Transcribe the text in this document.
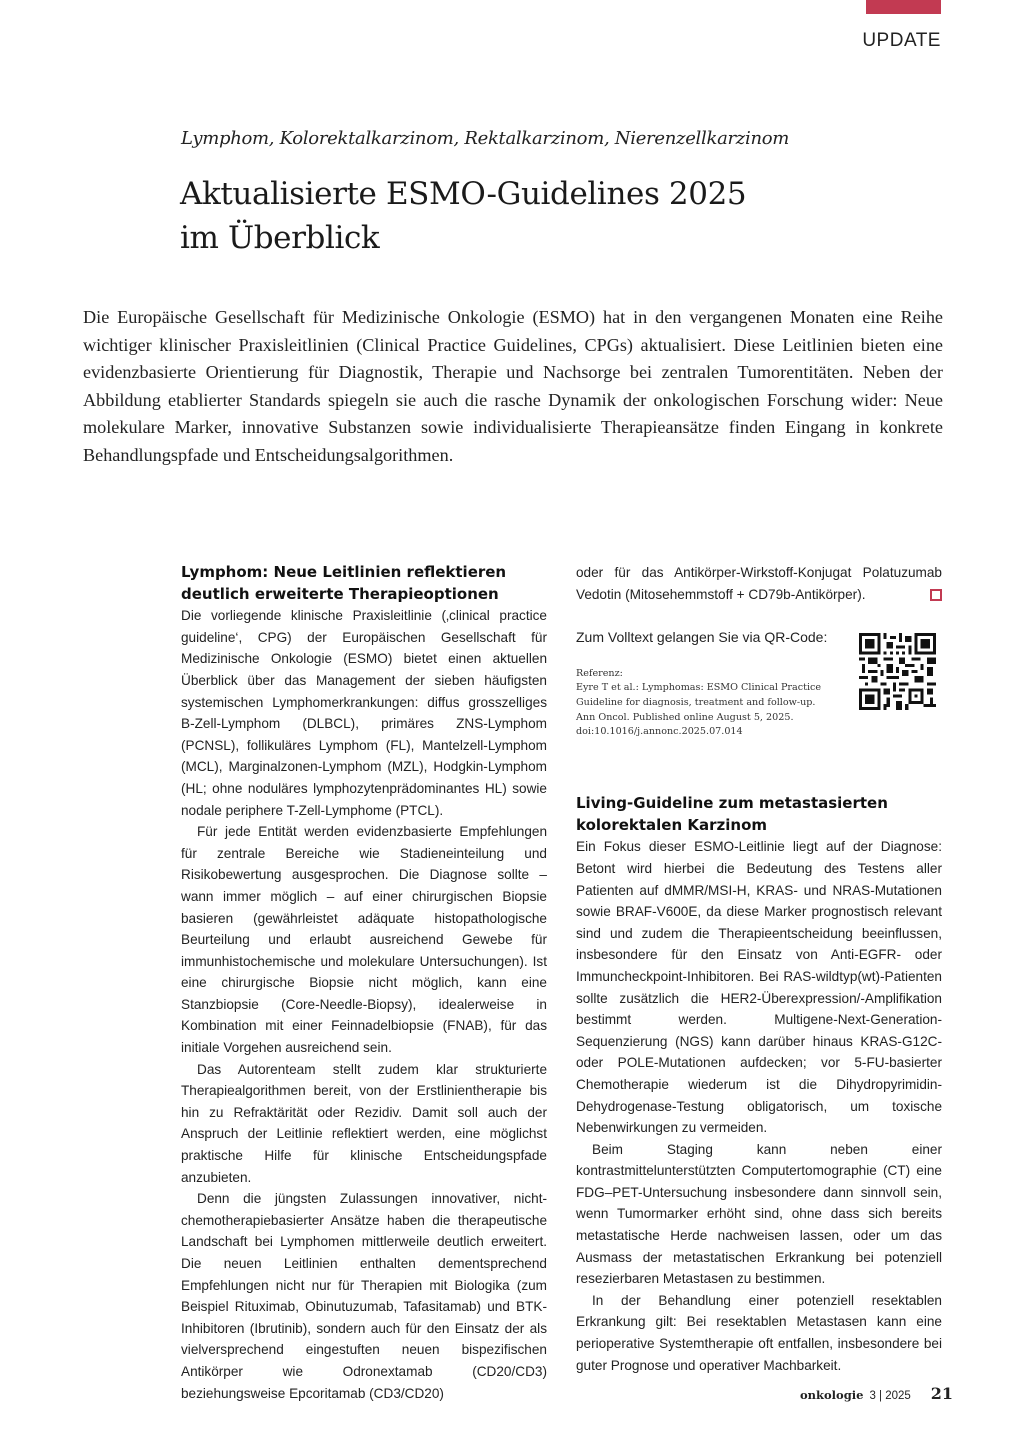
UPDATE
Lymphom, Kolorektalkarzinom, Rektalkarzinom, Nierenzellkarzinom
Aktualisierte ESMO-Guidelines 2025
im Überblick

Die Europäische Gesellschaft für Medizinische Onkologie (ESMO) hat in den vergangenen Monaten eine Reihe wichtiger klinischer Praxisleitlinien (Clinical Practice Guidelines, CPGs) aktualisiert. Diese Leitlinien bieten eine evidenzbasierte Orientierung für Diagnostik, Therapie und Nachsorge bei zentralen Tumorentitäten. Neben der Abbildung etablierter Standards spiegeln sie auch die rasche Dynamik der onkologischen Forschung wider: Neue molekulare Marker, innovative Substanzen sowie individualisierte Therapieansätze finden Eingang in konkrete Behandlungspfade und Entscheidungsalgorithmen.

Lymphom: Neue Leitlinien reflektieren deutlich erweiterte Therapieoptionen

Die vorliegende klinische Praxisleitlinie (‚clinical practice guideline‘, CPG) der Europäischen Gesellschaft für Medizinische Onkologie (ESMO) bietet einen aktuellen Überblick über das Management der sieben häufigsten systemischen Lymphomerkrankungen: diffus grosszelliges B-Zell-Lymphom (DLBCL), primäres ZNS-Lymphom (PCNSL), follikuläres Lymphom (FL), Mantelzell-Lymphom (MCL), Marginalzonen-Lymphom (MZL), Hodgkin-Lymphom (HL; ohne noduläres lymphozytenprädominantes HL) sowie nodale periphere T-Zell-Lymphome (PTCL).

Für jede Entität werden evidenzbasierte Empfehlungen für zentrale Bereiche wie Stadieneinteilung und Risikobewertung ausgesprochen. Die Diagnose sollte – wann immer möglich – auf einer chirurgischen Biopsie basieren (gewährleistet adäquate histopathologische Beurteilung und erlaubt ausreichend Gewebe für immunhistochemische und molekulare Untersuchungen). Ist eine chirurgische Biopsie nicht möglich, kann eine Stanzbiopsie (Core-Needle-Biopsy), idealerweise in Kombination mit einer Feinnadelbiopsie (FNAB), für das initiale Vorgehen ausreichend sein.

Das Autorenteam stellt zudem klar strukturierte Therapiealgorithmen bereit, von der Erstlinientherapie bis hin zu Refraktärität oder Rezidiv. Damit soll auch der Anspruch der Leitlinie reflektiert werden, eine möglichst praktische Hilfe für klinische Entscheidungspfade anzubieten.

Denn die jüngsten Zulassungen innovativer, nicht-chemotherapiebasierter Ansätze haben die therapeutische Landschaft bei Lymphomen mittlerweile deutlich erweitert. Die neuen Leitlinien enthalten dementsprechend Empfehlungen nicht nur für Therapien mit Biologika (zum Beispiel Rituximab, Obinutuzumab, Tafasitamab) und BTK-Inhibitoren (Ibrutinib), sondern auch für den Einsatz der als vielversprechend eingestuften neuen bispezifischen Antikörper wie Odronextamab (CD20/CD3) beziehungsweise Epcoritamab (CD3/CD20)

oder für das Antikörper-Wirkstoff-Konjugat Polatuzumab Vedotin (Mitosehemmstoff + CD79b-Antikörper).

Zum Volltext gelangen Sie via QR-Code:
Referenz:
Eyre T et al.: Lymphomas: ESMO Clinical Practice
Guideline for diagnosis, treatment and follow-up.
Ann Oncol. Published online August 5, 2025.
doi:10.1016/j.annonc.2025.07.014
Living-Guideline zum metastasierten kolorektalen Karzinom

Ein Fokus dieser ESMO-Leitlinie liegt auf der Diagnose: Betont wird hierbei die Bedeutung des Testens aller Patienten auf dMMR/MSI-H, KRAS- und NRAS-Mutationen sowie BRAF-V600E, da diese Marker prognostisch relevant sind und zudem die Therapieentscheidung beeinflussen, insbesondere für den Einsatz von Anti-EGFR- oder Immuncheckpoint-Inhibitoren. Bei RAS-wildtyp(wt)-Patienten sollte zusätzlich die HER2-Überexpression/-Amplifikation bestimmt werden. Multigene-Next-Generation-Sequenzierung (NGS) kann darüber hinaus KRAS-G12C- oder POLE-Mutationen aufdecken; vor 5-FU-basierter Chemotherapie wiederum ist die Dihydropyrimidin-Dehydrogenase-Testung obligatorisch, um toxische Nebenwirkungen zu vermeiden.

Beim Staging kann neben einer kontrastmittelunterstützten Computertomographie (CT) eine FDG–PET-Untersuchung insbesondere dann sinnvoll sein, wenn Tumormarker erhöht sind, ohne dass sich bereits metastatische Herde nachweisen lassen, oder um das Ausmass der metastatischen Erkrankung bei potenziell resezierbaren Metastasen zu bestimmen.

In der Behandlung einer potenziell resektablen Erkrankung gilt: Bei resektablen Metastasen kann eine perioperative Systemtherapie oft entfallen, insbesondere bei guter Prognose und operativer Machbarkeit.

onkologie 3 | 2025 21
